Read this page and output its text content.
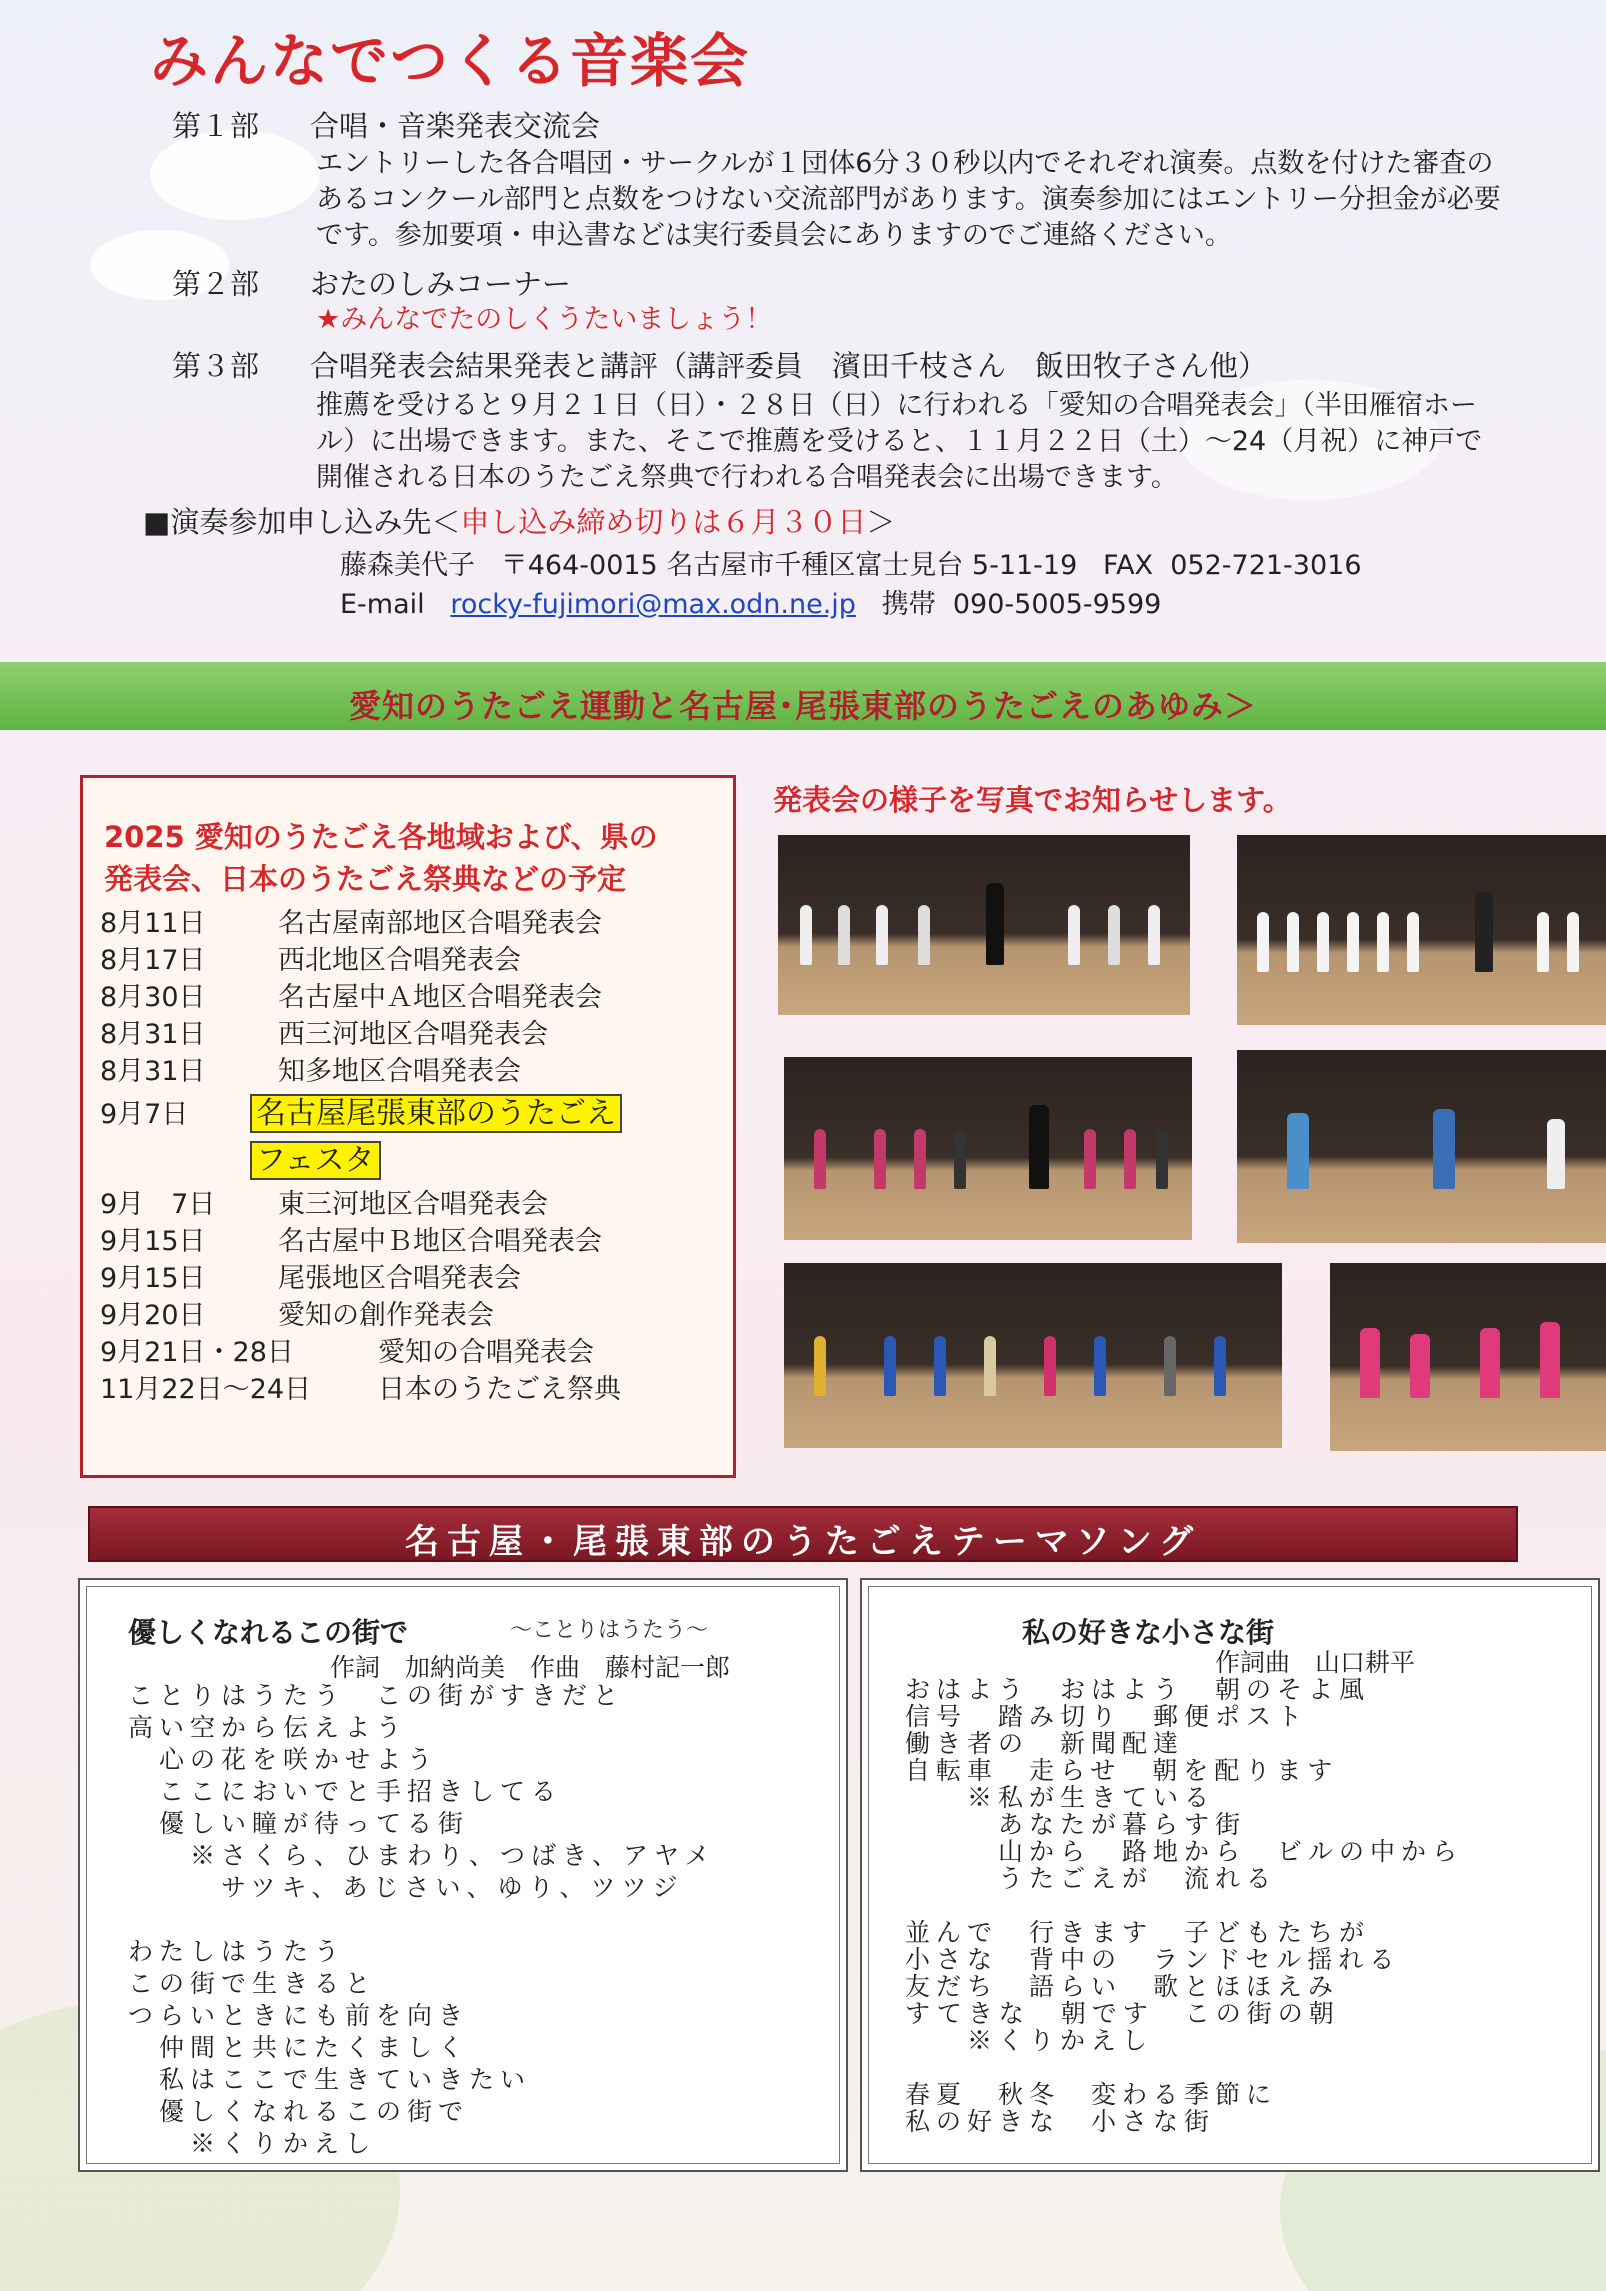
みんなでつくる音楽会
第１部 合唱・音楽発表交流会
エントリーした各合唱団・サークルが１団体6分３０秒以内でそれぞれ演奏。点数を付けた審査の
あるコンクール部門と点数をつけない交流部門があります。演奏参加にはエントリー分担金が必要
です。参加要項・申込書などは実行委員会にありますのでご連絡ください。
第２部 おたのしみコーナー
★みんなでたのしくうたいましょう！
第３部 合唱発表会結果発表と講評（講評委員　濱田千枝さん　飯田牧子さん他）
推薦を受けると９月２１日（日）・２８日（日）に行われる「愛知の合唱発表会」（半田雁宿ホー
ル）に出場できます。また、そこで推薦を受けると、１１月２２日（土）～24（月祝）に神戸で
開催される日本のうたごえ祭典で行われる合唱発表会に出場できます。
■演奏参加申し込み先＜申し込み締め切りは６月３０日＞
藤森美代子 〒464-0015 名古屋市千種区富士見台 5-11-19 FAX 052-721-3016
E-mail rocky-fujimori@max.odn.ne.jp 携帯 090-5005-9599
愛知のうたごえ運動と名古屋･尾張東部のうたごえのあゆみ＞
2025 愛知のうたごえ各地域および、県の
発表会、日本のうたごえ祭典などの予定
8月11日	名古屋南部地区合唱発表会
8月17日	西北地区合唱発表会
8月30日	名古屋中Ａ地区合唱発表会
8月31日	西三河地区合唱発表会
8月31日	知多地区合唱発表会
9月7日 名古屋尾張東部のうたごえ
フェスタ
9月　7日 東三河地区合唱発表会
9月15日	名古屋中Ｂ地区合唱発表会
9月15日	尾張地区合唱発表会
9月20日	愛知の創作発表会
9月21日・28日	愛知の合唱発表会
11月22日～24日 日本のうたごえ祭典
発表会の様子を写真でお知らせします。
名古屋・尾張東部のうたごえテーマソング
優しくなれるこの街で	～ことりはうたう～
作詞　加納尚美　作曲　藤村記一郎
ことりはうたう　この街がすきだと
高い空から伝えよう
　心の花を咲かせよう
　ここにおいでと手招きしてる
　優しい瞳が待ってる街
　　※さくら、ひまわり、つばき、アヤメ
　　　サツキ、あじさい、ゆり、ツツジ
わたしはうたう
この街で生きると
つらいときにも前を向き
　仲間と共にたくましく
　私はここで生きていきたい
　優しくなれるこの街で
　　※くりかえし
私の好きな小さな街
作詞曲　山口耕平
おはよう　おはよう　朝のそよ風
信号　踏み切り　郵便ポスト
働き者の　新聞配達
自転車　走らせ　朝を配ります
　　※私が生きている
　　　あなたが暮らす街
　　　山から　路地から　ビルの中から
　　　うたごえが　流れる
並んで　行きます　子どもたちが
小さな　背中の　ランドセル揺れる
友だち　語らい　歌とほほえみ
すてきな　朝です　この街の朝
　　※くりかえし
春夏　秋冬　変わる季節に
私の好きな　小さな街
